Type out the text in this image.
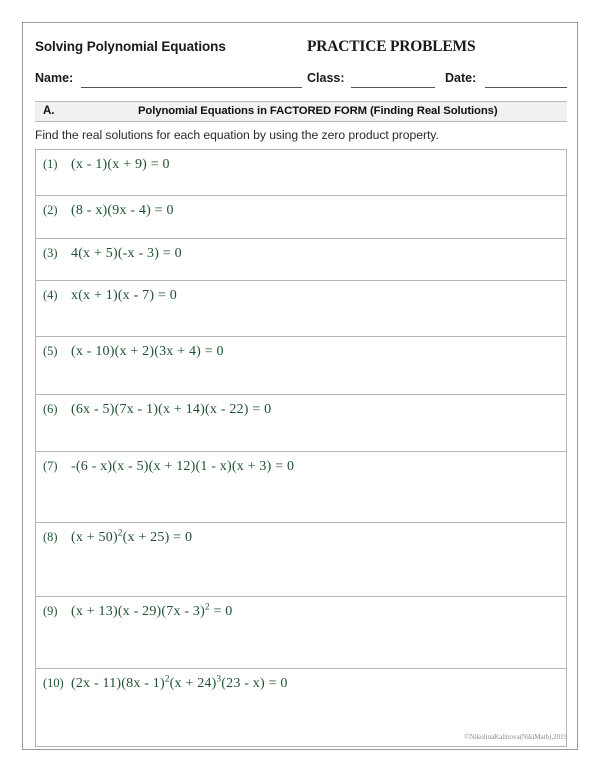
Solving Polynomial Equations	PRACTICE PROBLEMS
Name:	Class:	Date:
A.	Polynomial Equations in FACTORED FORM (Finding Real Solutions)
Find the real solutions for each equation by using the zero product property.
(1) (x - 1)(x + 9) = 0
(2) (8 - x)(9x - 4) = 0
(3) 4(x + 5)(-x - 3) = 0
(4) x(x + 1)(x - 7) = 0
(5) (x - 10)(x + 2)(3x + 4) = 0
(6) (6x - 5)(7x - 1)(x + 14)(x - 22) = 0
(7) -(6 - x)(x - 5)(x + 12)(1 - x)(x + 3) = 0
(8) $(x + 50)^2(x + 25) = 0$
(9) (x + 13)(x - 29)(7x - 3)$^2$ = 0
(10) $(2x - 11)(8x - 1)^2(x + 24)^3(23 - x) = 0$
©NikolinaKalinova(NikiMath),2019
